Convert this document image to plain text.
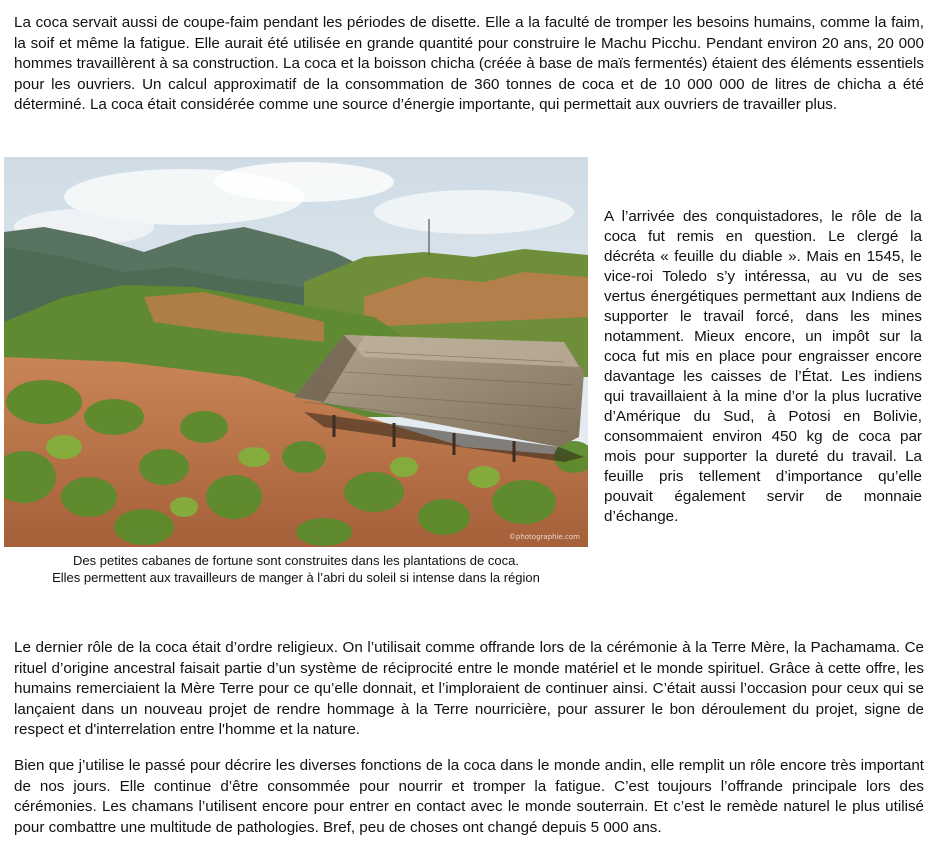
La coca servait aussi de coupe-faim pendant les périodes de disette. Elle a la faculté de tromper les besoins humains, comme la faim, la soif et même la fatigue. Elle aurait été utilisée en grande quantité pour construire le Machu Picchu. Pendant environ 20 ans, 20 000 hommes travaillèrent à sa construction. La coca et la boisson chicha (créée à base de maïs fermentés) étaient des éléments essentiels pour les ouvriers. Un calcul approximatif de la consommation de 360 tonnes de coca et de 10 000 000 de litres de chicha a été déterminé. La coca était considérée comme une source d’énergie importante, qui permettait aux ouvriers de travailler plus.

©photographie.com
Des petites cabanes de fortune sont construites dans les plantations de coca.
Elles permettent aux travailleurs de manger à l’abri du soleil si intense dans la région

A l’arrivée des conquistadores, le rôle de la coca fut remis en question. Le clergé la décréta « feuille du diable ». Mais en 1545, le vice-roi Toledo s’y intéressa, au vu de ses vertus énergétiques permettant aux Indiens de supporter le travail forcé, dans les mines notamment. Mieux encore, un impôt sur la coca fut mis en place pour engraisser encore davantage les caisses de l’État. Les indiens qui travaillaient à la mine d’or la plus lucrative d’Amérique du Sud, à Potosi en Bolivie, consommaient environ 450 kg de coca par mois pour supporter la dureté du travail. La feuille pris tellement d’importance qu’elle pouvait également servir de monnaie d’échange.

Le dernier rôle de la coca était d’ordre religieux. On l’utilisait comme offrande lors de la cérémonie à la Terre Mère, la Pachamama. Ce rituel d’origine ancestral faisait partie d’un système de réciprocité entre le monde matériel et le monde spirituel. Grâce à cette offre, les humains remerciaient la Mère Terre pour ce qu’elle donnait, et l’imploraient de continuer ainsi. C’était aussi l’occasion pour ceux qui se lançaient dans un nouveau projet de rendre hommage à la Terre nourricière, pour assurer le bon déroulement du projet, signe de respect et d'interrelation entre l'homme et la nature.

Bien que j’utilise le passé pour décrire les diverses fonctions de la coca dans le monde andin, elle remplit un rôle encore très important de nos jours. Elle continue d’être consommée pour nourrir et tromper la fatigue. C’est toujours l’offrande principale lors des cérémonies. Les chamans l’utilisent encore pour entrer en contact avec le monde souterrain. Et c’est le remède naturel le plus utilisé pour combattre une multitude de pathologies. Bref, peu de choses ont changé depuis 5 000 ans.
